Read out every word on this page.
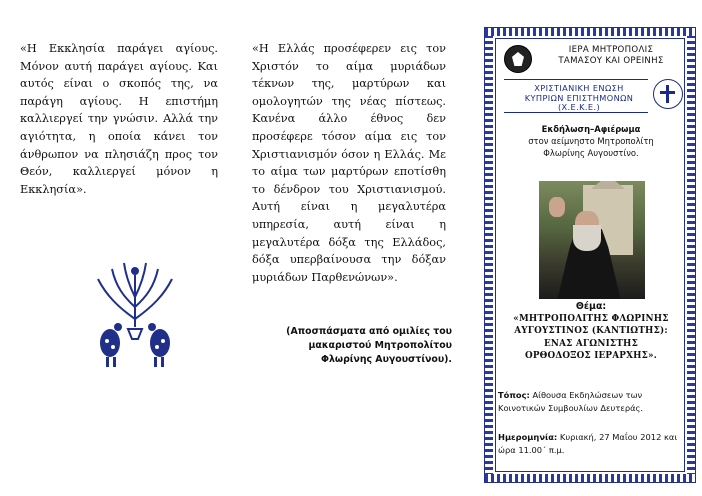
«Η Εκκλησία παράγει αγίους. Μόνον αυτή παράγει αγίους. Και αυτός είναι ο σκοπός της, να παράγη αγίους. Η επιστήμη καλλιεργεί την γνώσιν. Αλλά την αγιότητα, η οποία κάνει τον άνθρωπον να πλησιάζη προς τον Θεόν, καλλιεργεί μόνον η Εκκλησία».
«Η Ελλάς προσέφερεν εις τον Χριστόν το αίμα μυριάδων τέκνων της, μαρτύρων και ομολογητών της νέας πίστεως. Κανένα άλλο έθνος δεν προσέφερε τόσον αίμα εις τον Χριστιανισμόν όσον η Ελλάς. Με το αίμα των μαρτύρων εποτίσθη το δένδρον του Χριστιανισμού. Αυτή είναι η μεγαλυτέρα υπηρεσία, αυτή είναι η μεγαλυτέρα δόξα της Ελλάδος, δόξα υπερβαίνουσα την δόξαν μυριάδων Παρθενώνων».
(Αποσπάσματα από ομιλίες του μακαριστού Μητροπολίτου Φλωρίνης Αυγουστίνου).
ΙΕΡΑ ΜΗΤΡΟΠΟΛΙΣ
ΤΑΜΑΣΟΥ ΚΑΙ ΟΡΕΙΝΗΣ
ΧΡΙΣΤΙΑΝΙΚΗ ΕΝΩΣΗ
ΚΥΠΡΙΩΝ ΕΠΙΣΤΗΜΟΝΩΝ
(Χ.Ε.Κ.Ε.)
Εκδήλωση–Αφιέρωμα
στον αείμνηστο Μητροπολίτη
Φλωρίνης Αυγουστίνο.
Θέμα:
«ΜΗΤΡΟΠΟΛΙΤΗΣ ΦΛΩΡΙΝΗΣ
ΑΥΓΟΥΣΤΙΝΟΣ (ΚΑΝΤΙΩΤΗΣ):
ΕΝΑΣ ΑΓΩΝΙΣΤΗΣ
ΟΡΘΟΔΟΞΟΣ ΙΕΡΑΡΧΗΣ».
Τόπος: Αίθουσα Εκδηλώσεων των Κοινοτικών Συμβουλίων Δευτεράς.
Ημερομηνία: Κυριακή, 27 Μαΐου 2012 και ώρα 11.00΄ π.μ.
